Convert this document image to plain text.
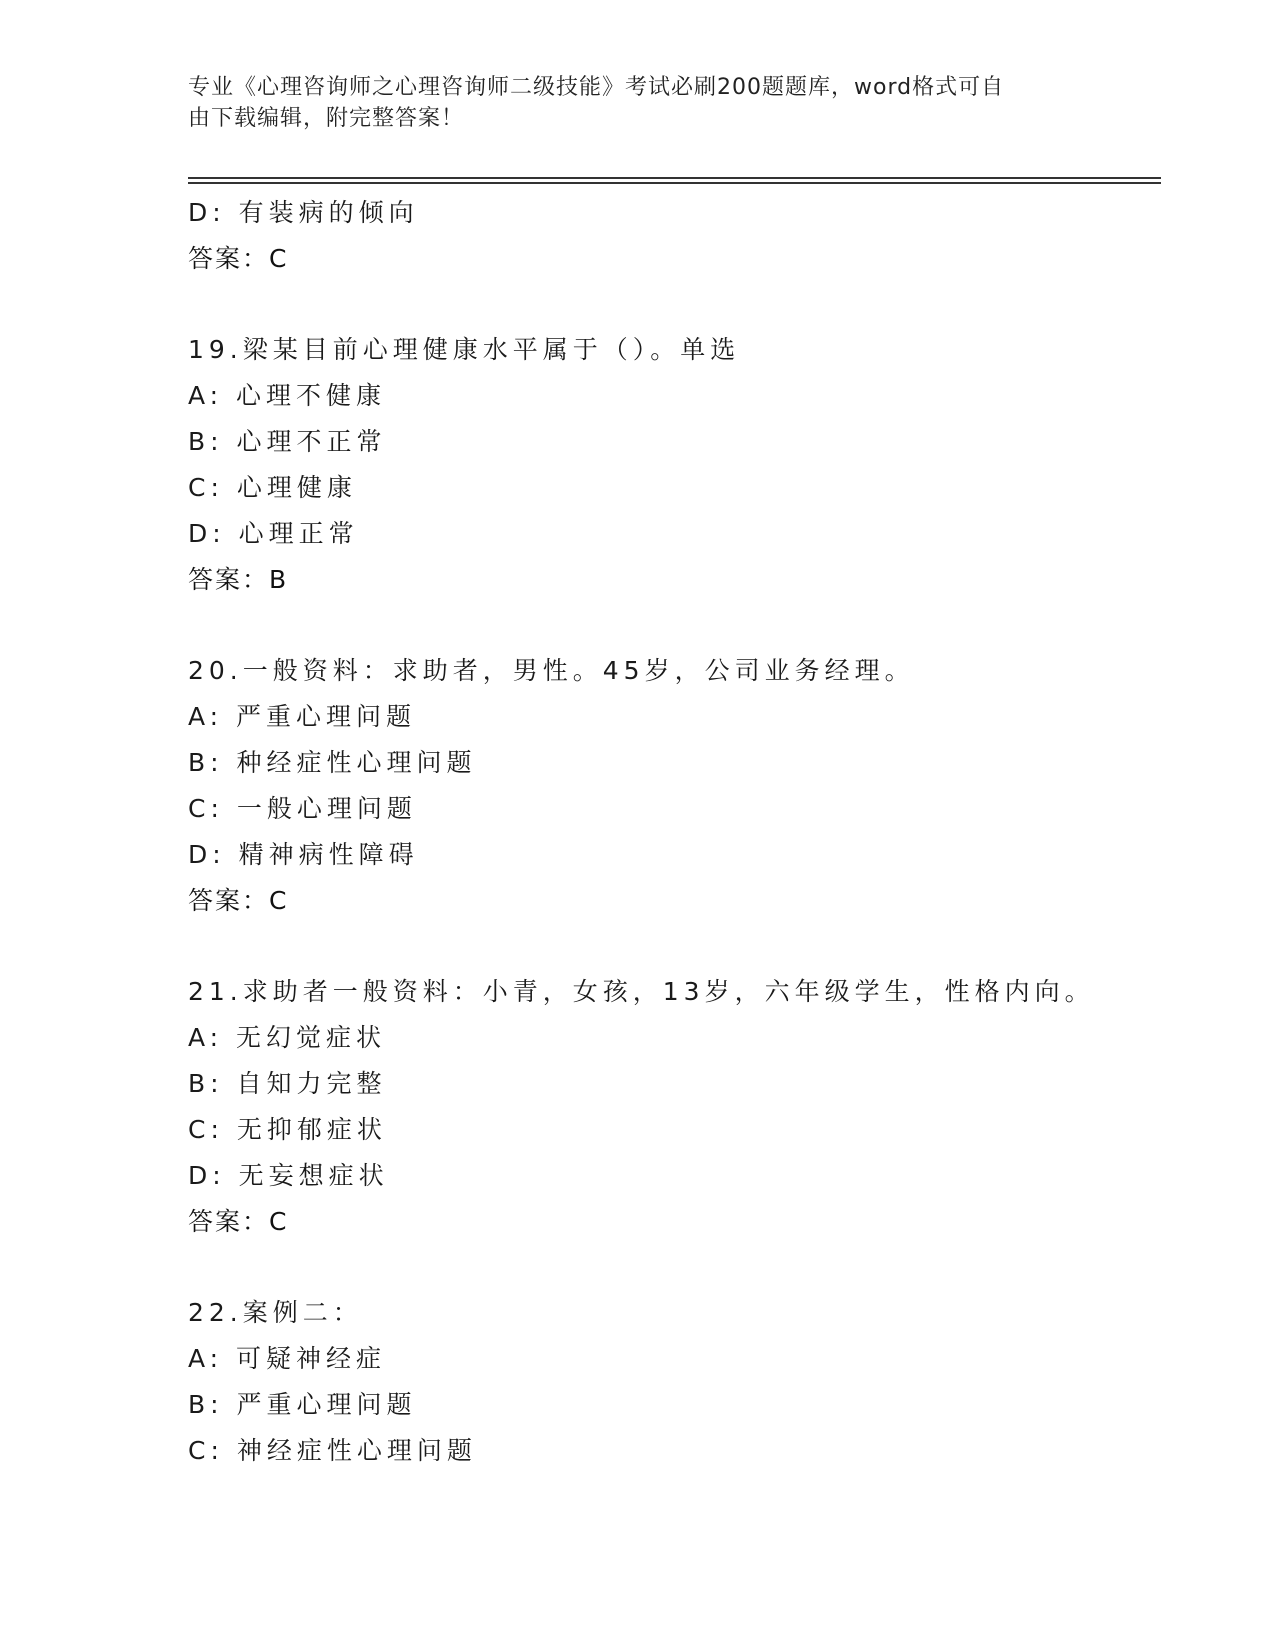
专业《心理咨询师之心理咨询师二级技能》考试必刷200题题库，word格式可自
由下载编辑，附完整答案！
D: 有装病的倾向
答案：C
19.梁某目前心理健康水平属于（）。单选
A: 心理不健康
B: 心理不正常
C: 心理健康
D: 心理正常
答案：B
20.一般资料：求助者，男性。45岁，公司业务经理。
A: 严重心理问题
B: 种经症性心理问题
C: 一般心理问题
D: 精神病性障碍
答案：C
21.求助者一般资料：小青，女孩，13岁，六年级学生，性格内向。
A: 无幻觉症状
B: 自知力完整
C: 无抑郁症状
D: 无妄想症状
答案：C
22.案例二：
A: 可疑神经症
B: 严重心理问题
C: 神经症性心理问题
